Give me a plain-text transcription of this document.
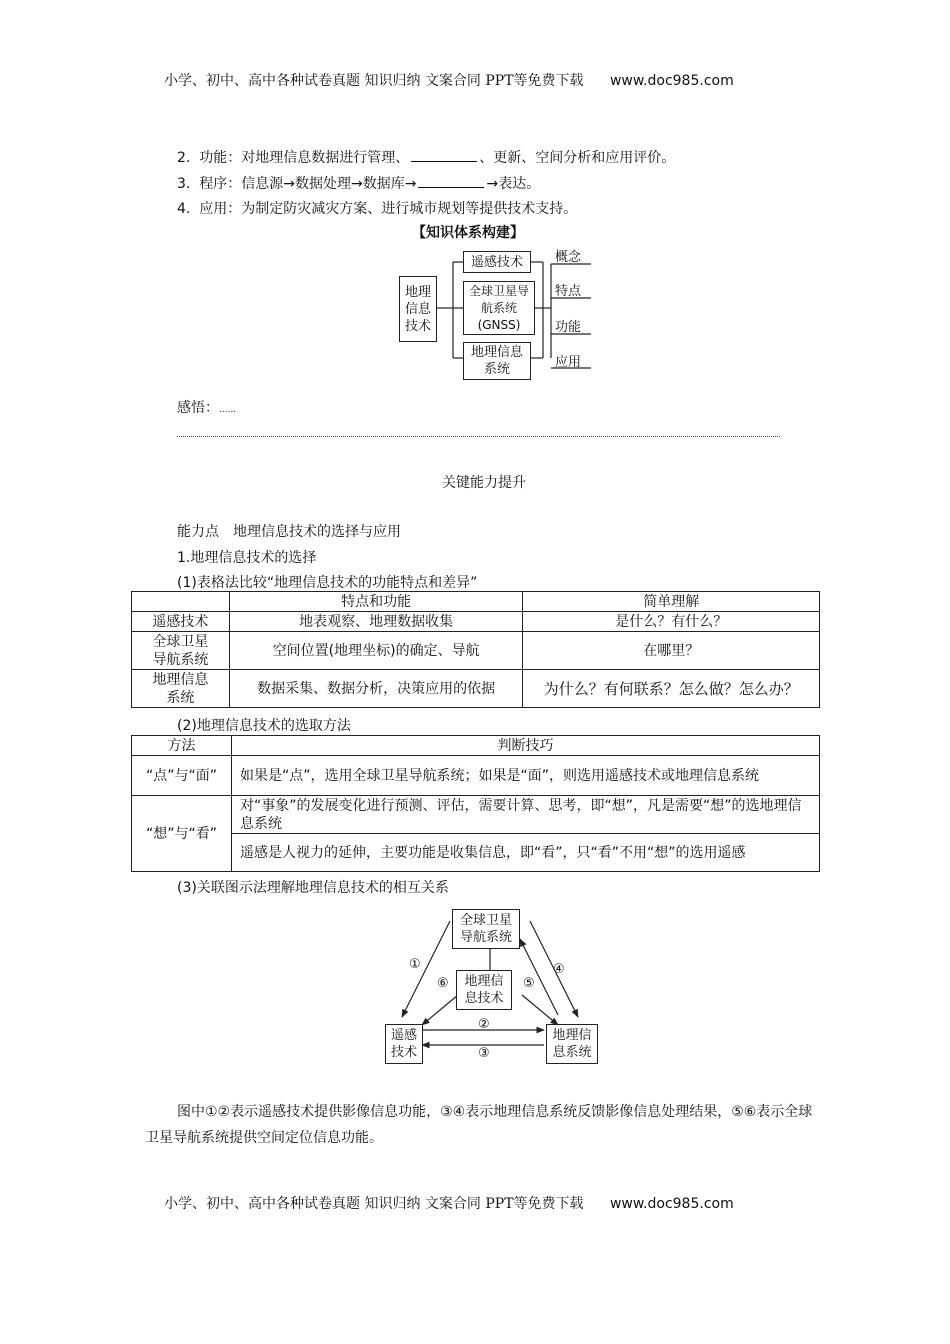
小学、初中、高中各种试卷真题 知识归纳 文案合同 PPT等免费下载 www.doc985.com
2. 功能：对地理信息数据进行管理、	、更新、空间分析和应用评价。
3. 程序：信息源→数据处理→数据库→	→表达。
4. 应用：为制定防灾减灾方案、进行城市规划等提供技术支持。
【知识体系构建】
地理信息技术
遥感技术
全球卫星导航系统(GNSS)
地理信息系统
概念
特点
功能
应用
感悟：......
关键能力提升
能力点　地理信息技术的选择与应用
1.地理信息技术的选择
(1)表格法比较“地理信息技术的功能特点和差异”
	特点和功能	简单理解
遥感技术	地表观察、地理数据收集	是什么？有什么？
全球卫星导航系统	空间位置(地理坐标)的确定、导航	在哪里？
地理信息系统	数据采集、数据分析，决策应用的依据	为什么？有何联系？怎么做？怎么办？
(2)地理信息技术的选取方法
方法	判断技巧
“点”与“面”	如果是“点”，选用全球卫星导航系统；如果是“面”，则选用遥感技术或地理信息系统
“想”与“看”	对“事象”的发展变化进行预测、评估，需要计算、思考，即“想”，凡是需要“想”的选地理信息系统
	遥感是人视力的延伸，主要功能是收集信息，即“看”，只“看”不用“想”的选用遥感
(3)关联图示法理解地理信息技术的相互关系
全球卫星导航系统
地理信息技术
遥感技术
地理信息系统
①
②
③
④
⑤
⑥
图中①②表示遥感技术提供影像信息功能，③④表示地理信息系统反馈影像信息处理结果，⑤⑥表示全球卫星导航系统提供空间定位信息功能。
小学、初中、高中各种试卷真题 知识归纳 文案合同 PPT等免费下载 www.doc985.com
